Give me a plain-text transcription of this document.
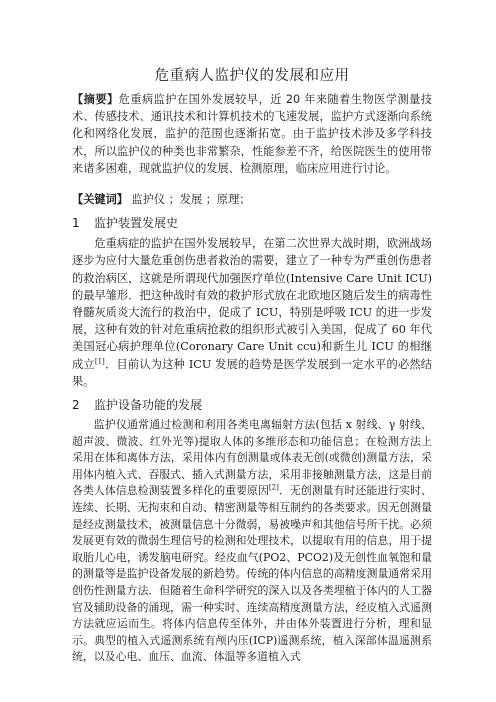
危重病人监护仪的发展和应用

【摘要】危重病监护在国外发展较早，近 20 年来随着生物医学测量技术、传感技术、通讯技术和计算机技术的飞速发展，监护方式逐渐向系统化和网络化发展，监护的范围也逐渐拓宽。由于监护技术涉及多学科技术，所以监护仪的种类也非常繁杂，性能参差不齐，给医院医生的使用带来诸多困难，现就监护仪的发展、检测原理，临床应用进行讨论。

【关键词】 监护仪 ；发展 ；原理；

1 监护装置发展史

危重病症的监护在国外发展较早，在第二次世界大战时期，欧洲战场逐步为应付大量危重创伤患者救治的需要，建立了一种专为严重创伤患者的救治病区，这就是所谓现代加强医疗单位(Intensive Care Unit ICU)的最早雏形．把这种战时有效的救护形式放在北欧地区随后发生的病毒性脊髓灰质炎大流行的救治中，促成了 ICU，特别是呼吸 ICU 的进一步发展，这种有效的针对危重病抢救的组织形式被引入美国，促成了 60 年代美国冠心病护理单位(Coronary Care Unit ccu)和新生儿 ICU 的相继成立[1]．目前认为这种 ICU 发展的趋势是医学发展到一定水平的必然结果。

2 监护设备功能的发展

监护仪通常通过检测和利用各类电离辐射方法(包括 x 射线、γ 射线、超声波、微波、红外光等)提取人体的多维形态和功能信息；在检测方法上采用在体和离体方法，采用体内有创测量或体表无创(或微创)测量方法，采用体内植入式、吞服式、插入式测量方法，采用非接触测量方法，这是目前各类人体信息检测装置多样化的重要原因[2]．无创测量有时还能进行实时、连续、长期、无拘束和自动、精密测量等相互制约的各类要求。因无创测量是经皮测量技术，被测量信息十分微弱，易被噪声和其他信号所干扰。必须发展更有效的微弱生理信号的检测和处理技术，以提取有用的信息，用于提取胎儿心电，诱发脑电研究。经皮血气(PO2、PCO2)及无创性血氧饱和量的测量等是监护设备发展的新趋势。传统的体内信息的高精度测量通常采用创伤性测量方法．但随着生命科学研究的深入以及各类埋植于体内的人工器官及辅助设备的涌现，需一种实时、连续高精度测量方法，经皮植入式遥测方法就应运而生。将体内信息传至体外，并由体外装置进行分析，理和显示。典型的植入式遥测系统有颅内压(ICP)遥测系统，植入深部体温遥测系统，以及心电、血压、血流、体温等多道植入式
